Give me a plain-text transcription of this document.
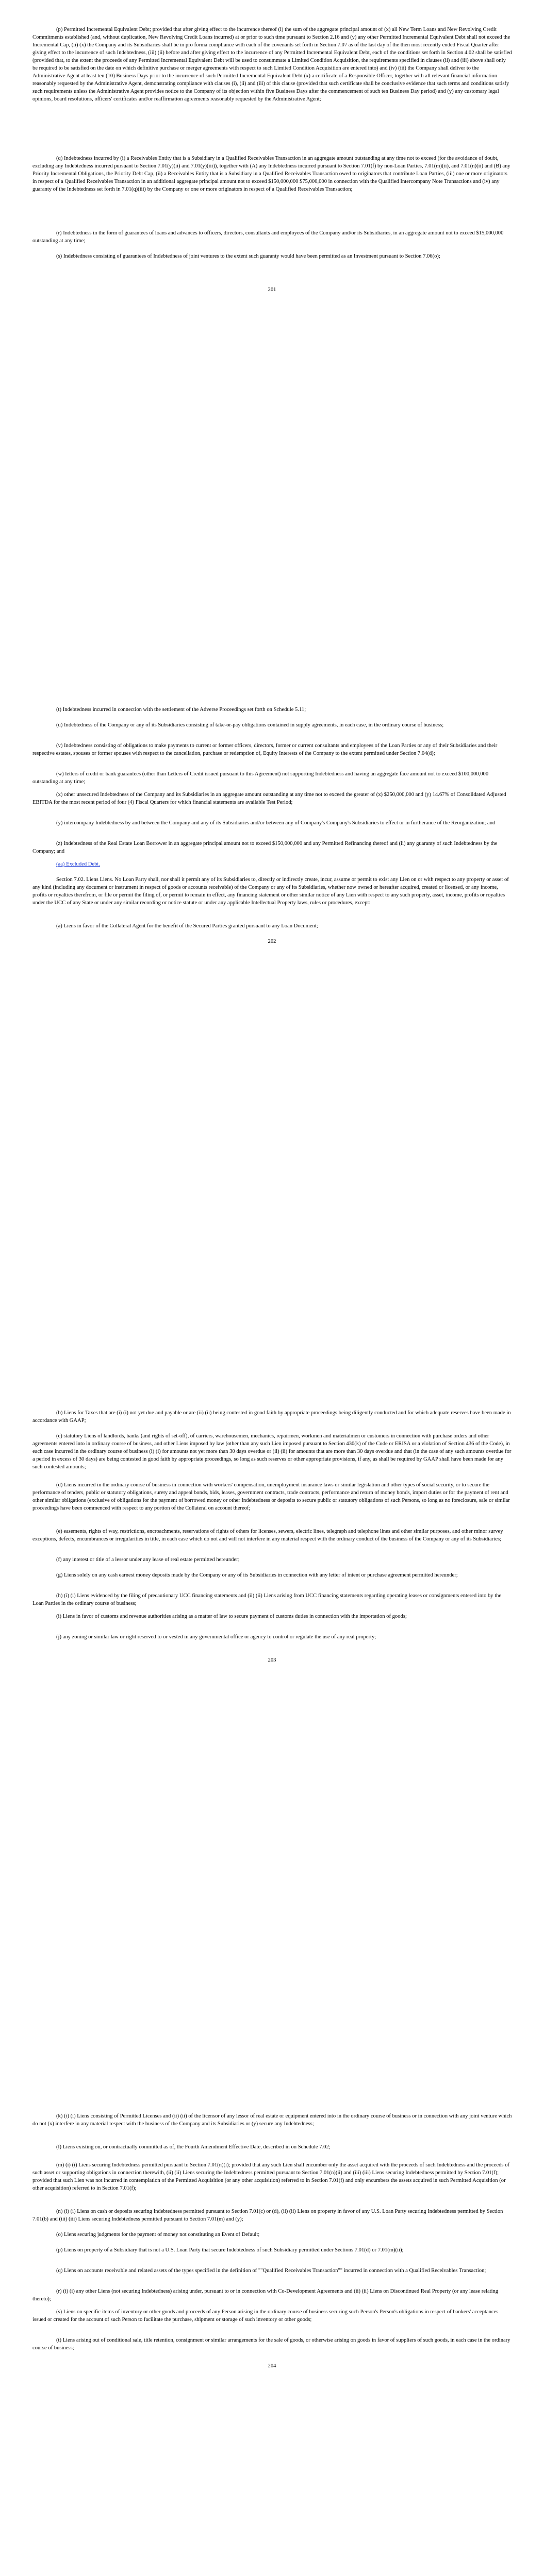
(p) Permitted Incremental Equivalent Debt; provided that after giving effect to the incurrence thereof (i) the sum of the aggregate principal amount of (x) all New Term Loans and New Revolving Credit Commitments established (and, without duplication, New Revolving Credit Loans incurred) at or prior to such time pursuant to Section 2.16 and (y) any other Permitted Incremental Equivalent Debt shall not exceed the Incremental Cap, (ii) (x) the Company and its Subsidiaries shall be in pro forma compliance with each of the covenants set forth in Section 7.07 as of the last day of the then most recently ended Fiscal Quarter after giving effect to the incurrence of such Indebtedness, (iii) (ii) before and after giving effect to the incurrence of any Permitted Incremental Equivalent Debt, each of the conditions set forth in Section 4.02 shall be satisfied (provided that, to the extent the proceeds of any Permitted Incremental Equivalent Debt will be used to consummate a Limited Condition Acquisition, the requirements specified in clauses (ii) and (iii) above shall only be required to be satisfied on the date on which definitive purchase or merger agreements with respect to such Limited Condition Acquisition are entered into) and (iv) (iii) the Company shall deliver to the Administrative Agent at least ten (10) Business Days prior to the incurrence of such Permitted Incremental Equivalent Debt (x) a certificate of a Responsible Officer, together with all relevant financial information reasonably requested by the Administrative Agent, demonstrating compliance with clauses (i), (ii) and (iii) of this clause (provided that such certificate shall be conclusive evidence that such terms and conditions satisfy such requirements unless the Administrative Agent provides notice to the Company of its objection within five Business Days after the commencement of such ten Business Day period) and (y) any customary legal opinions, board resolutions, officers' certificates and/or reaffirmation agreements reasonably requested by the Administrative Agent;

(q) Indebtedness incurred by (i) a Receivables Entity that is a Subsidiary in a Qualified Receivables Transaction in an aggregate amount outstanding at any time not to exceed (for the avoidance of doubt, excluding any Indebtedness incurred pursuant to Section 7.01(y)(ii) and 7.01(y)(iii)), together with (A) any Indebtedness incurred pursuant to Section 7.01(f) by non-Loan Parties, 7.01(m)(ii), and 7.01(n)(ii) and (B) any Priority Incremental Obligations, the Priority Debt Cap, (ii) a Receivables Entity that is a Subsidiary in a Qualified Receivables Transaction owed to originators that contribute Loan Parties, (iii) one or more originators in respect of a Qualified Receivables Transaction in an additional aggregate principal amount not to exceed $150,000,000 $75,000,000 in connection with the Qualified Intercompany Note Transactions and (iv) any guaranty of the Indebtedness set forth in 7.01(q)(iii) by the Company or one or more originators in respect of a Qualified Receivables Transaction;

(r) Indebtedness in the form of guarantees of loans and advances to officers, directors, consultants and employees of the Company and/or its Subsidiaries, in an aggregate amount not to exceed $15,000,000 outstanding at any time;

(s) Indebtedness consisting of guarantees of Indebtedness of joint ventures to the extent such guaranty would have been permitted as an Investment pursuant to Section 7.06(o);

201

(t) Indebtedness incurred in connection with the settlement of the Adverse Proceedings set forth on Schedule 5.11;

(u) Indebtedness of the Company or any of its Subsidiaries consisting of take-or-pay obligations contained in supply agreements, in each case, in the ordinary course of business;

(v) Indebtedness consisting of obligations to make payments to current or former officers, directors, former or current consultants and employees of the Loan Parties or any of their Subsidiaries and their respective estates, spouses or former spouses with respect to the cancellation, purchase or redemption of, Equity Interests of the Company to the extent permitted under Section 7.04(d);

(w) letters of credit or bank guarantees (other than Letters of Credit issued pursuant to this Agreement) not supporting Indebtedness and having an aggregate face amount not to exceed $100,000,000 outstanding at any time;

(x) other unsecured Indebtedness of the Company and its Subsidiaries in an aggregate amount outstanding at any time not to exceed the greater of (x) $250,000,000 and (y) 14.67% of Consolidated Adjusted EBITDA for the most recent period of four (4) Fiscal Quarters for which financial statements are available Test Period;

(y) intercompany Indebtedness by and between the Company and any of its Subsidiaries and/or between any of Company's Company's Subsidiaries to effect or in furtherance of the Reorganization; and

(z) Indebtedness of the Real Estate Loan Borrower in an aggregate principal amount not to exceed $150,000,000 and any Permitted Refinancing thereof and (ii) any guaranty of such Indebtedness by the Company; and

(aa) Excluded Debt.

Section 7.02. Liens Liens. No Loan Party shall, nor shall it permit any of its Subsidiaries to, directly or indirectly create, incur, assume or permit to exist any Lien on or with respect to any property or asset of any kind (including any document or instrument in respect of goods or accounts receivable) of the Company or any of its Subsidiaries, whether now owned or hereafter acquired, created or licensed, or any income, profits or royalties therefrom, or file or permit the filing of, or permit to remain in effect, any financing statement or other similar notice of any Lien with respect to any such property, asset, income, profits or royalties under the UCC of any State or under any similar recording or notice statute or under any applicable Intellectual Property laws, rules or procedures, except:

(a) Liens in favor of the Collateral Agent for the benefit of the Secured Parties granted pursuant to any Loan Document;

202

(b) Liens for Taxes that are (i) (i) not yet due and payable or are (ii) (ii) being contested in good faith by appropriate proceedings being diligently conducted and for which adequate reserves have been made in accordance with GAAP;

(c) statutory Liens of landlords, banks (and rights of set-off), of carriers, warehousemen, mechanics, repairmen, workmen and materialmen or customers in connection with purchase orders and other agreements entered into in ordinary course of business, and other Liens imposed by law (other than any such Lien imposed pursuant to Section 430(k) of the Code or ERISA or a violation of Section 436 of the Code), in each case incurred in the ordinary course of business (i) (i) for amounts not yet more than 30 days overdue or (ii) (ii) for amounts that are more than 30 days overdue and that (in the case of any such amounts overdue for a period in excess of 30 days) are being contested in good faith by appropriate proceedings, so long as such reserves or other appropriate provisions, if any, as shall be required by GAAP shall have been made for any such contested amounts;

(d) Liens incurred in the ordinary course of business in connection with workers' compensation, unemployment insurance laws or similar legislation and other types of social security, or to secure the performance of tenders, public or statutory obligations, surety and appeal bonds, bids, leases, government contracts, trade contracts, performance and return of money bonds, import duties or for the payment of rent and other similar obligations (exclusive of obligations for the payment of borrowed money or other Indebtedness or deposits to secure public or statutory obligations of such Persons, so long as no foreclosure, sale or similar proceedings have been commenced with respect to any portion of the Collateral on account thereof;

(e) easements, rights of way, restrictions, encroachments, reservations of rights of others for licenses, sewers, electric lines, telegraph and telephone lines and other similar purposes, and other minor survey exceptions, defects, encumbrances or irregularities in title, in each case which do not and will not interfere in any material respect with the ordinary conduct of the business of the Company or any of its Subsidiaries;

(f) any interest or title of a lessor under any lease of real estate permitted hereunder;

(g) Liens solely on any cash earnest money deposits made by the Company or any of its Subsidiaries in connection with any letter of intent or purchase agreement permitted hereunder;

(h) (i) (i) Liens evidenced by the filing of precautionary UCC financing statements and (ii) (ii) Liens arising from UCC financing statements regarding operating leases or consignments entered into by the Loan Parties in the ordinary course of business;

(i) Liens in favor of customs and revenue authorities arising as a matter of law to secure payment of customs duties in connection with the importation of goods;

(j) any zoning or similar law or right reserved to or vested in any governmental office or agency to control or regulate the use of any real property;

203

(k) (i) (i) Liens consisting of Permitted Licenses and (ii) (ii) of the licensor of any lessor of real estate or equipment entered into in the ordinary course of business or in connection with any joint venture which do not (x) interfere in any material respect with the business of the Company and its Subsidiaries or (y) secure any Indebtedness;

(l) Liens existing on, or contractually committed as of, the Fourth Amendment Effective Date, described in on Schedule 7.02;

(m) (i) (i) Liens securing Indebtedness permitted pursuant to Section 7.01(n)(i); provided that any such Lien shall encumber only the asset acquired with the proceeds of such Indebtedness and the proceeds of such asset or supporting obligations in connection therewith, (ii) (ii) Liens securing the Indebtedness permitted pursuant to Section 7.01(n)(ii) and (iii) (iii) Liens securing Indebtedness permitted by Section 7.01(f); provided that such Lien was not incurred in contemplation of the Permitted Acquisition (or any other acquisition) referred to in Section 7.01(f) and only encumbers the assets acquired in such Permitted Acquisition (or other acquisition) referred to in Section 7.01(f);

(n) (i) (i) Liens on cash or deposits securing Indebtedness permitted pursuant to Section 7.01(c) or (d), (ii) (ii) Liens on property in favor of any U.S. Loan Party securing Indebtedness permitted by Section 7.01(b) and (iii) (iii) Liens securing Indebtedness permitted pursuant to Section 7.01(m) and (y);

(o) Liens securing judgments for the payment of money not constituting an Event of Default;

(p) Liens on property of a Subsidiary that is not a U.S. Loan Party that secure Indebtedness of such Subsidiary permitted under Sections 7.01(d) or 7.01(m)(ii);

(q) Liens on accounts receivable and related assets of the types specified in the definition of ""Qualified Receivables Transaction"" incurred in connection with a Qualified Receivables Transaction;

(r) (i) (i) any other Liens (not securing Indebtedness) arising under, pursuant to or in connection with Co-Development Agreements and (ii) (ii) Liens on Discontinued Real Property (or any lease relating thereto);

(s) Liens on specific items of inventory or other goods and proceeds of any Person arising in the ordinary course of business securing such Person's Person's obligations in respect of bankers' acceptances issued or created for the account of such Person to facilitate the purchase, shipment or storage of such inventory or other goods;

(t) Liens arising out of conditional sale, title retention, consignment or similar arrangements for the sale of goods, or otherwise arising on goods in favor of suppliers of such goods, in each case in the ordinary course of business;

204
